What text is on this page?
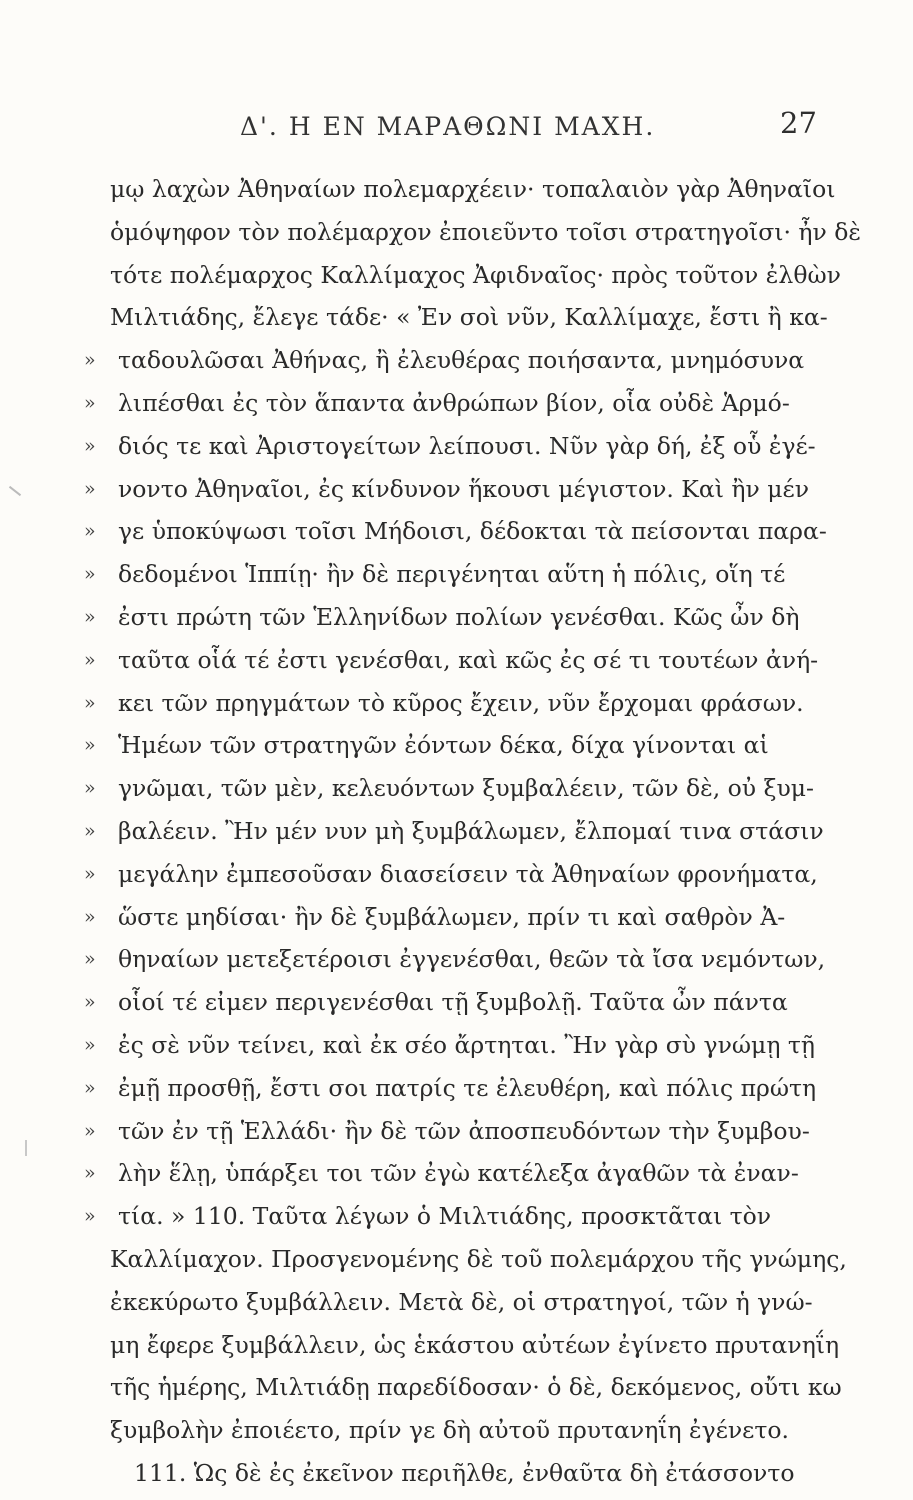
Δ'. Η ΕΝ ΜΑΡΑΘΩΝΙ ΜΑΧΗ.	27
μῳ λαχὼν Ἀθηναίων πολεμαρχέειν· τοπαλαιὸν γὰρ Ἀθηναῖοι
ὁμόψηφον τὸν πολέμαρχον ἐποιεῦντο τοῖσι στρατηγοῖσι· ἦν δὲ
τότε πολέμαρχος Καλλίμαχος Ἀφιδναῖος· πρὸς τοῦτον ἐλθὼν
Μιλτιάδης, ἔλεγε τάδε· « Ἐν σοὶ νῦν, Καλλίμαχε, ἔστι ἢ κα-
» ταδουλῶσαι Ἀθήνας, ἢ ἐλευθέρας ποιήσαντα, μνημόσυνα
» λιπέσθαι ἐς τὸν ἅπαντα ἀνθρώπων βίον, οἷα οὐδὲ Ἁρμό-
» διός τε καὶ Ἀριστογείτων λείπουσι. Νῦν γὰρ δή, ἐξ οὗ ἐγέ-
» νοντο Ἀθηναῖοι, ἐς κίνδυνον ἥκουσι μέγιστον. Καὶ ἢν μέν
» γε ὑποκύψωσι τοῖσι Μήδοισι, δέδοκται τὰ πείσονται παρα-
» δεδομένοι Ἱππίῃ· ἢν δὲ περιγένηται αὕτη ἡ πόλις, οἵη τέ
» ἐστι πρώτη τῶν Ἑλληνίδων πολίων γενέσθαι. Κῶς ὦν δὴ
» ταῦτα οἷά τέ ἐστι γενέσθαι, καὶ κῶς ἐς σέ τι τουτέων ἀνή-
» κει τῶν πρηγμάτων τὸ κῦρος ἔχειν, νῦν ἔρχομαι φράσων.
» Ἡμέων τῶν στρατηγῶν ἐόντων δέκα, δίχα γίνονται αἱ
» γνῶμαι, τῶν μὲν, κελευόντων ξυμβαλέειν, τῶν δὲ, οὐ ξυμ-
» βαλέειν. Ἢν μέν νυν μὴ ξυμβάλωμεν, ἔλπομαί τινα στάσιν
» μεγάλην ἐμπεσοῦσαν διασείσειν τὰ Ἀθηναίων φρονήματα,
» ὥστε μηδίσαι· ἢν δὲ ξυμβάλωμεν, πρίν τι καὶ σαθρὸν Ἀ-
» θηναίων μετεξετέροισι ἐγγενέσθαι, θεῶν τὰ ἴσα νεμόντων,
» οἷοί τέ εἰμεν περιγενέσθαι τῇ ξυμβολῇ. Ταῦτα ὦν πάντα
» ἐς σὲ νῦν τείνει, καὶ ἐκ σέο ἄρτηται. Ἢν γὰρ σὺ γνώμῃ τῇ
» ἐμῇ προσθῇ, ἔστι σοι πατρίς τε ἐλευθέρη, καὶ πόλις πρώτη
» τῶν ἐν τῇ Ἑλλάδι· ἢν δὲ τῶν ἀποσπευδόντων τὴν ξυμβου-
» λὴν ἕλῃ, ὑπάρξει τοι τῶν ἐγὼ κατέλεξα ἀγαθῶν τὰ ἐναν-
» τία. » 110. Ταῦτα λέγων ὁ Μιλτιάδης, προσκτᾶται τὸν
Καλλίμαχον. Προσγενομένης δὲ τοῦ πολεμάρχου τῆς γνώμης,
ἐκεκύρωτο ξυμβάλλειν. Μετὰ δὲ, οἱ στρατηγοί, τῶν ἡ γνώ-
μη ἔφερε ξυμβάλλειν, ὡς ἑκάστου αὐτέων ἐγίνετο πρυτανηΐη
τῆς ἡμέρης, Μιλτιάδῃ παρεδίδοσαν· ὁ δὲ, δεκόμενος, οὔτι κω
ξυμβολὴν ἐποιέετο, πρίν γε δὴ αὐτοῦ πρυτανηΐη ἐγένετο.
111. Ὡς δὲ ἐς ἐκεῖνον περιῆλθε, ἐνθαῦτα δὴ ἐτάσσοντο
